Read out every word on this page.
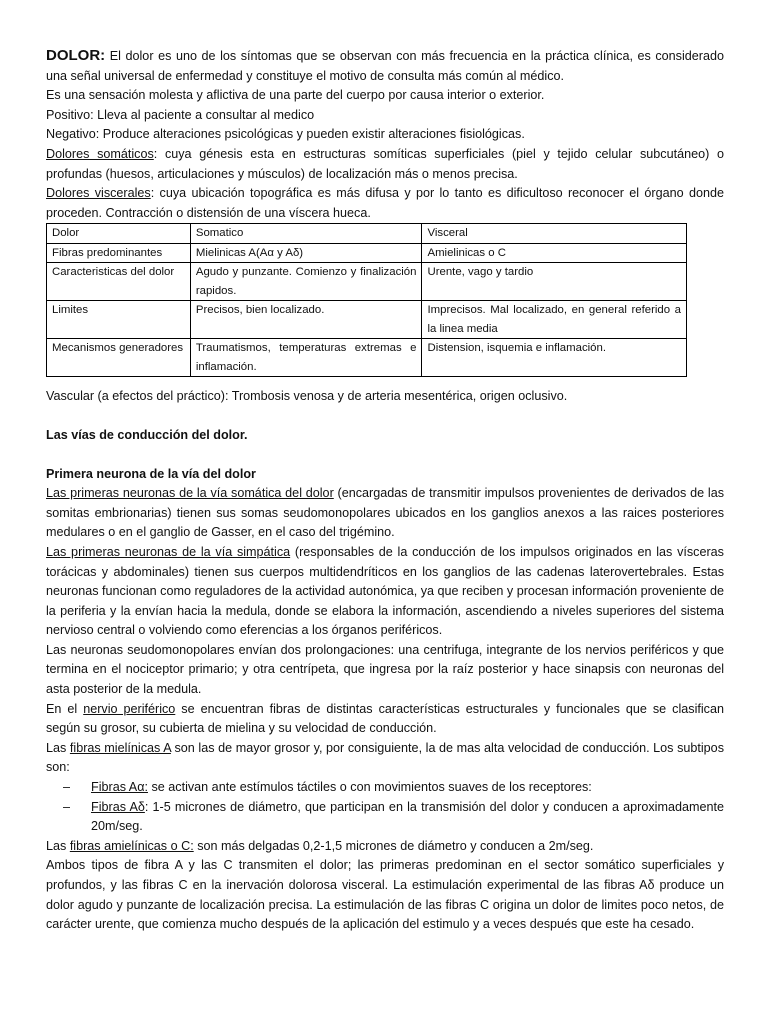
DOLOR: El dolor es uno de los síntomas que se observan con más frecuencia en la práctica clínica, es considerado una señal universal de enfermedad y constituye el motivo de consulta más común al médico.

Es una sensación molesta y aflictiva de una parte del cuerpo por causa interior o exterior.

Positivo: Lleva al paciente a consultar al medico

Negativo: Produce alteraciones psicológicas y pueden existir alteraciones fisiológicas.

Dolores somáticos: cuya génesis esta en estructuras somíticas superficiales (piel y tejido celular subcutáneo) o profundas (huesos, articulaciones y músculos) de localización más o menos precisa.

Dolores viscerales: cuya ubicación topográfica es más difusa y por lo tanto es dificultoso reconocer el órgano donde proceden. Contracción o distensión de una víscera hueca.

Dolor	Somatico	Visceral
Fibras predominantes	Mielinicas A(Aα y Aδ)	Amielinicas o C
Caracteristicas del dolor	Agudo y punzante. Comienzo y finalización rapidos.	Urente, vago y tardio
Limites	Precisos, bien localizado.	Imprecisos. Mal localizado, en general referido a la linea media
Mecanismos generadores	Traumatismos, temperaturas extremas e inflamación.	Distension, isquemia e inflamación.

Vascular (a efectos del práctico): Trombosis venosa y de arteria mesentérica, origen oclusivo.

Las vías de conducción del dolor.

Primera neurona de la vía del dolor

Las primeras neuronas de la vía somática del dolor (encargadas de transmitir impulsos provenientes de derivados de las somitas embrionarias) tienen sus somas seudomonopolares ubicados en los ganglios anexos a las raices posteriores medulares o en el ganglio de Gasser, en el caso del trigémino.

Las primeras neuronas de la vía simpática (responsables de la conducción de los impulsos originados en las vísceras torácicas y abdominales) tienen sus cuerpos multidendríticos en los ganglios de las cadenas laterovertebrales. Estas neuronas funcionan como reguladores de la actividad autonómica, ya que reciben y procesan información proveniente de la periferia y la envían hacia la medula, donde se elabora la información, ascendiendo a niveles superiores del sistema nervioso central o volviendo como eferencias a los órganos periféricos.

Las neuronas seudomonopolares envían dos prolongaciones: una centrifuga, integrante de los nervios periféricos y que termina en el nociceptor primario; y otra centrípeta, que ingresa por la raíz posterior y hace sinapsis con neuronas del asta posterior de la medula.

En el nervio periférico se encuentran fibras de distintas características estructurales y funcionales que se clasifican según su grosor, su cubierta de mielina y su velocidad de conducción.

Las fibras mielínicas A son las de mayor grosor y, por consiguiente, la de mas alta velocidad de conducción. Los subtipos son:

– Fibras Aα: se activan ante estímulos táctiles o con movimientos suaves de los receptores:
– Fibras Aδ: 1-5 micrones de diámetro, que participan en la transmisión del dolor y conducen a aproximadamente 20m/seg.

Las fibras amielínicas o C: son más delgadas 0,2-1,5 micrones de diámetro y conducen a 2m/seg.

Ambos tipos de fibra A y las C transmiten el dolor; las primeras predominan en el sector somático superficiales y profundos, y las fibras C en la inervación dolorosa visceral. La estimulación experimental de las fibras Aδ produce un dolor agudo y punzante de localización precisa. La estimulación de las fibras C origina un dolor de limites poco netos, de carácter urente, que comienza mucho después de la aplicación del estimulo y a veces después que este ha cesado.
